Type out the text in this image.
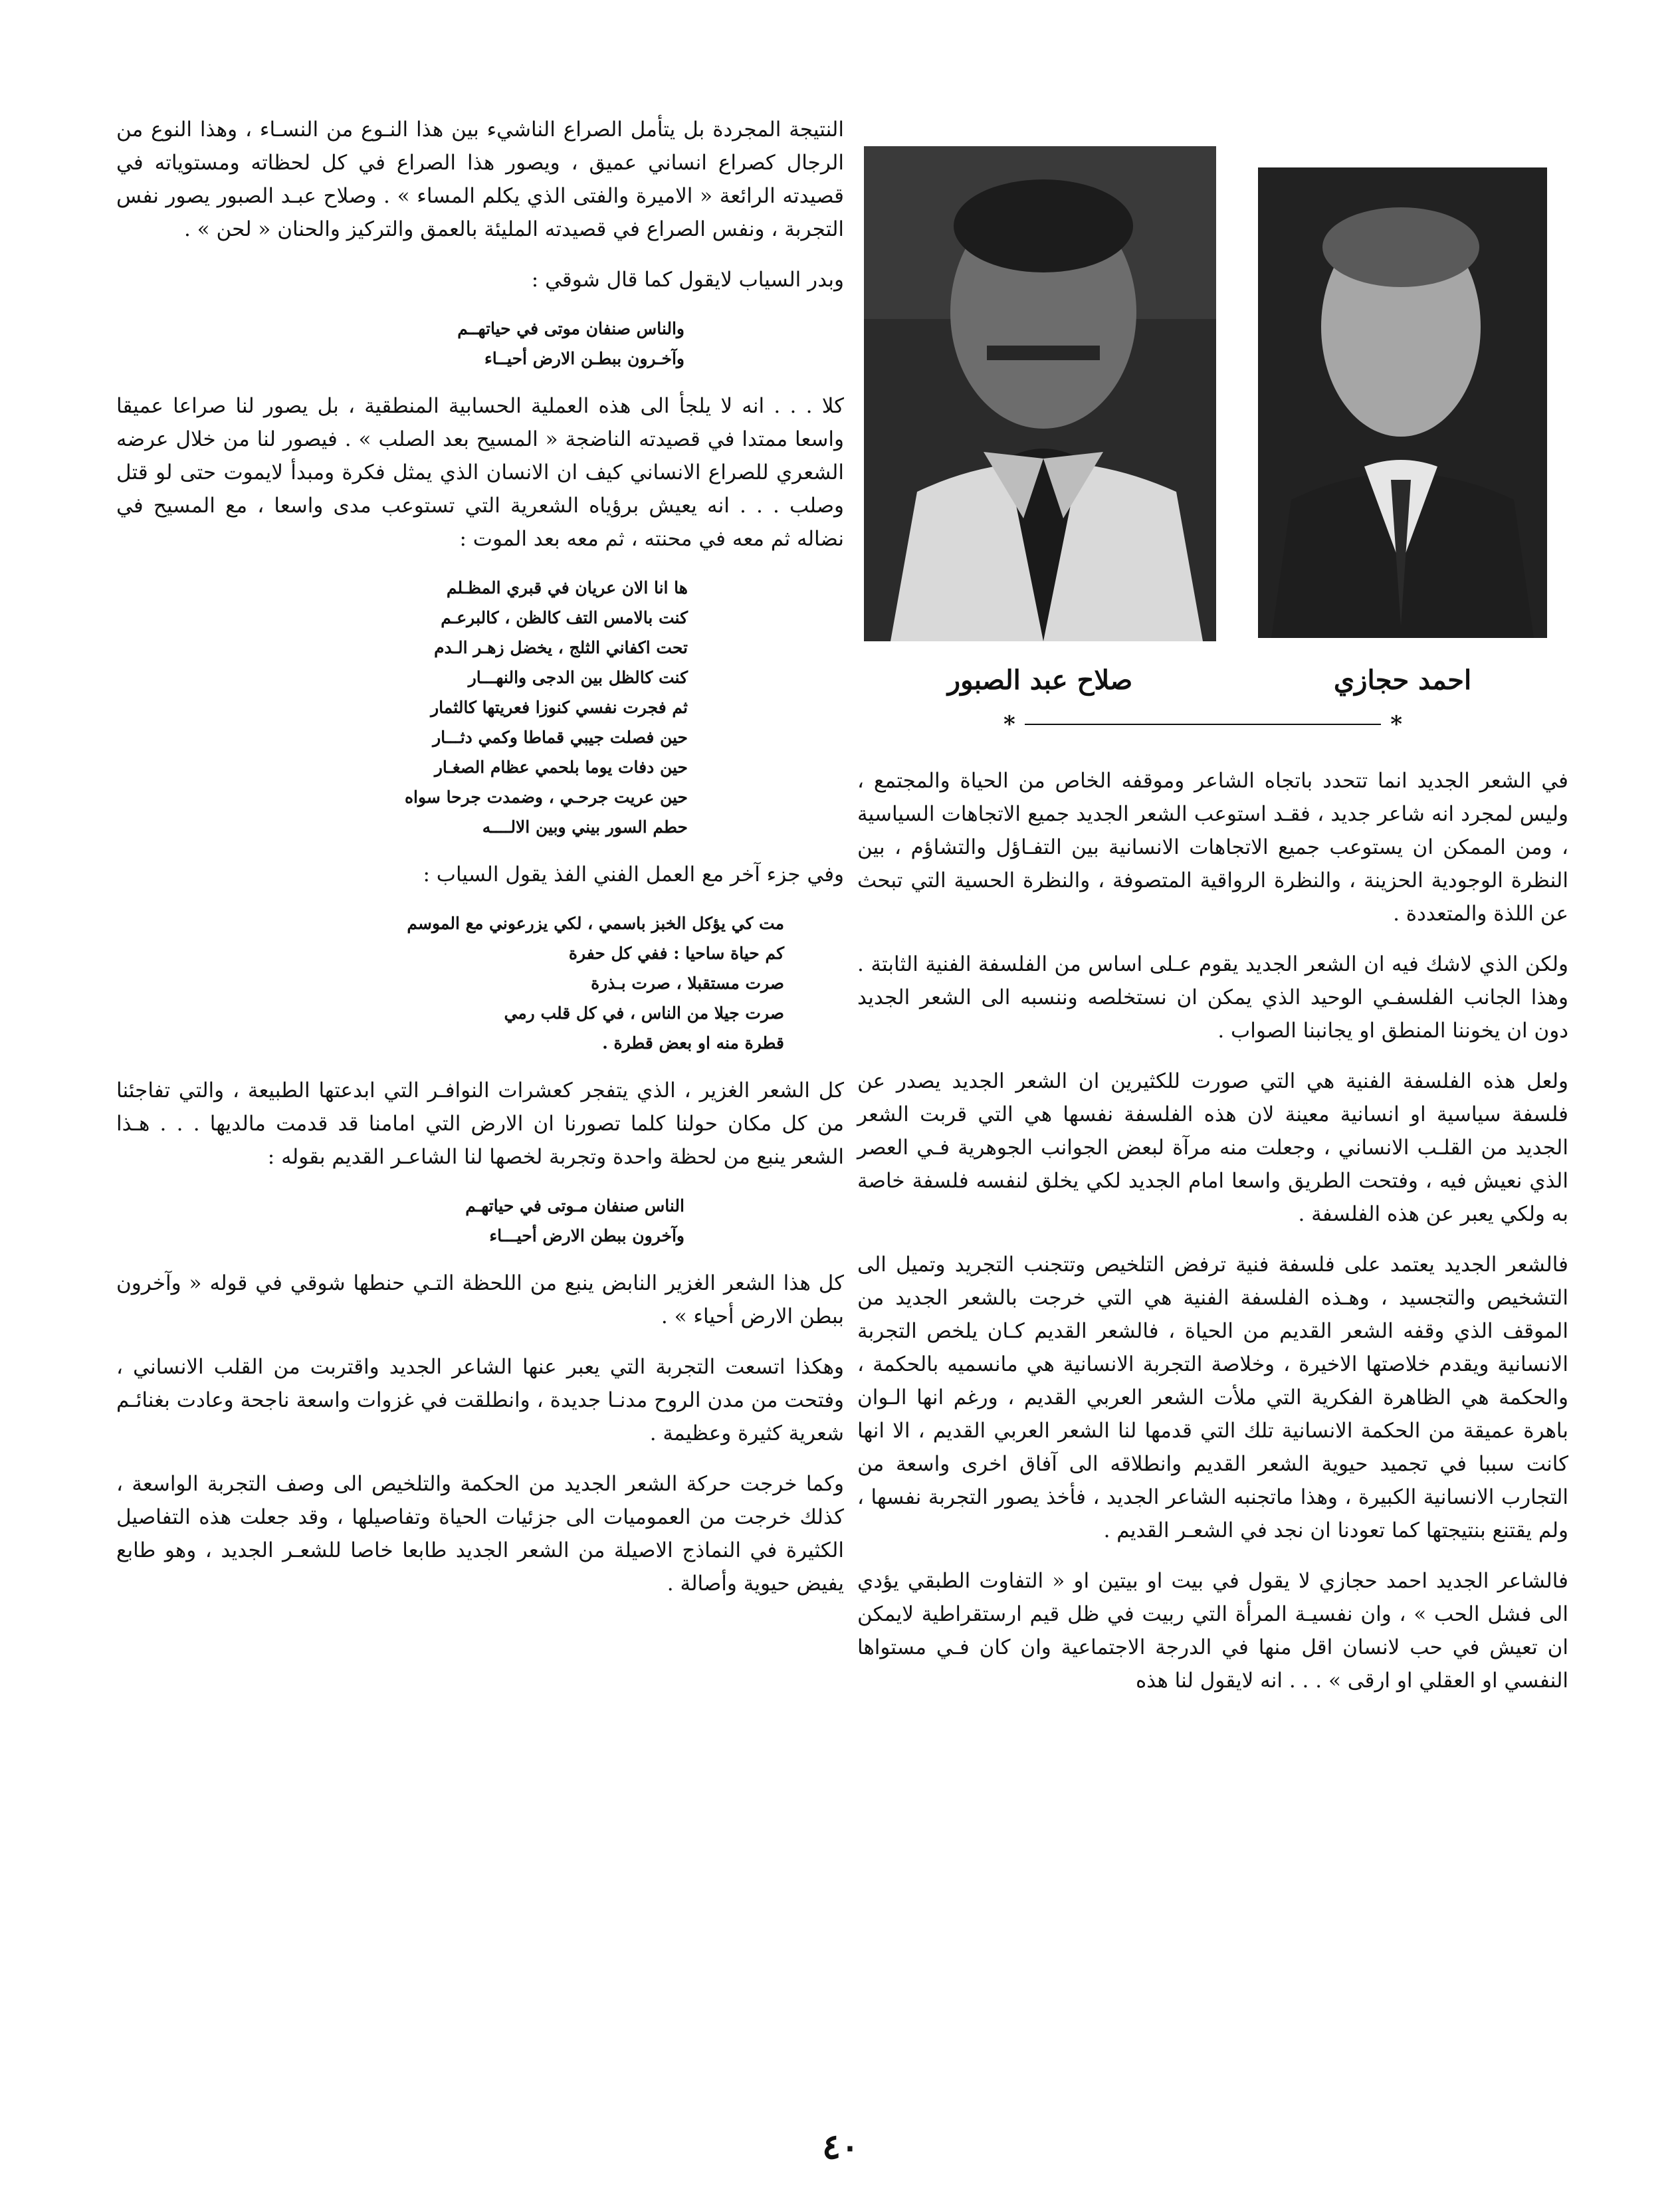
صلاح عبد الصبور	احمد حجازي
*	*

النتيجة المجردة بل يتأمل الصراع الناشيء بين هذا النـوع من النسـاء ، وهذا النوع من الرجال كصراع انساني عميق ، ويصور هذا الصراع في كل لحظاته ومستوياته في قصيدته الرائعة « الاميرة والفتى الذي يكلم المساء » . وصلاح عبـد الصبور يصور نفس التجربة ، ونفس الصراع في قصيدته المليئة بالعمق والتركيز والحنان « لحن » .

وبدر السياب لايقول كما قال شوقي :

والناس صنفان موتى في حياتهــم
وآخـرون ببطـن الارض أحيــاء

كلا . . . انه لا يلجأ الى هذه العملية الحسابية المنطقية ، بل يصور لنا صراعا عميقا واسعا ممتدا في قصيدته الناضجة « المسيح بعد الصلب » . فيصور لنا من خلال عرضه الشعري للصراع الانساني كيف ان الانسان الذي يمثل فكرة ومبدأ لايموت حتى لو قتل وصلب . . . انه يعيش برؤياه الشعرية التي تستوعب مدى واسعا ، مع المسيح في نضاله ثم معه في محنته ، ثم معه بعد الموت :

ها انا الان عريان في قبري المظـلم
كنت بالامس التف كالظن ، كالبرعـم
تحت اكفاني الثلج ، يخضل زهـر الـدم
كنت كالظل بين الدجى والنهـــار
ثم فجرت نفسي كنوزا فعريتها كالثمار
حين فصلت جيبي قماطا وكمي دثـــار
حين دفات يوما بلحمي عظام الصغـار
حين عريت جرحـي ، وضمدت جرحا سواه
حطم السور بيني وبين الالــــه

وفي جزء آخر مع العمل الفني الفذ يقول السياب :

مت كي يؤكل الخبز باسمي ، لكي يزرعوني مع الموسم
كم حياة ساحيا : ففي كل حفرة
صرت مستقبلا ، صرت بـذرة
صرت جيلا من الناس ، في كل قلب رمي
قطرة منه او بعض قطرة .

كل الشعر الغزير ، الذي يتفجر كعشرات النوافـر التي ابدعتها الطبيعة ، والتي تفاجئنا من كل مكان حولنا كلما تصورنا ان الارض التي امامنا قد قدمت مالديها . . . هـذا الشعر ينبع من لحظة واحدة وتجربة لخصها لنا الشاعـر القديم بقوله :

الناس صنفان مـوتى في حياتهـم
وآخرون ببطن الارض أحيـــاء

كل هذا الشعر الغزير النابض ينبع من اللحظة التـي حنطها شوقي في قوله « وآخرون ببطن الارض أحياء » .

وهكذا اتسعت التجربة التي يعبر عنها الشاعر الجديد واقتربت من القلب الانساني ، وفتحت من مدن الروح مدنـا جديدة ، وانطلقت في غزوات واسعة ناجحة وعادت بغنائـم شعرية كثيرة وعظيمة .

وكما خرجت حركة الشعر الجديد من الحكمة والتلخيص الى وصف التجربة الواسعة ، كذلك خرجت من العموميات الى جزئيات الحياة وتفاصيلها ، وقد جعلت هذه التفاصيل الكثيرة في النماذج الاصيلة من الشعر الجديد طابعا خاصا للشعـر الجديد ، وهو طابع يفيض حيوية وأصالة .

في الشعر الجديد انما تتحدد باتجاه الشاعر وموقفه الخاص من الحياة والمجتمع ، وليس لمجرد انه شاعر جديد ، فقـد استوعب الشعر الجديد جميع الاتجاهات السياسية ، ومن الممكن ان يستوعب جميع الاتجاهات الانسانية بين التفـاؤل والتشاؤم ، بين النظرة الوجودية الحزينة ، والنظرة الرواقية المتصوفة ، والنظرة الحسية التي تبحث عن اللذة والمتعددة .

ولكن الذي لاشك فيه ان الشعر الجديد يقوم عـلى اساس من الفلسفة الفنية الثابتة . وهذا الجانب الفلسفـي الوحيد الذي يمكن ان نستخلصه وننسبه الى الشعر الجديد دون ان يخوننا المنطق او يجانبنا الصواب .

ولعل هذه الفلسفة الفنية هي التي صورت للكثيرين ان الشعر الجديد يصدر عن فلسفة سياسية او انسانية معينة لان هذه الفلسفة نفسها هي التي قربت الشعر الجديد من القلـب الانساني ، وجعلت منه مرآة لبعض الجوانب الجوهرية فـي العصر الذي نعيش فيه ، وفتحت الطريق واسعا امام الجديد لكي يخلق لنفسه فلسفة خاصة به ولكي يعبر عن هذه الفلسفة .

فالشعر الجديد يعتمد على فلسفة فنية ترفض التلخيص وتتجنب التجريد وتميل الى التشخيص والتجسيد ، وهـذه الفلسفة الفنية هي التي خرجت بالشعر الجديد من الموقف الذي وقفه الشعر القديم من الحياة ، فالشعر القديم كـان يلخص التجربة الانسانية ويقدم خلاصتها الاخيرة ، وخلاصة التجربة الانسانية هي مانسميه بالحكمة ، والحكمة هي الظاهرة الفكرية التي ملأت الشعر العربي القديم ، ورغم انها الـوان باهرة عميقة من الحكمة الانسانية تلك التي قدمها لنا الشعر العربي القديم ، الا انها كانت سببا في تجميد حيوية الشعر القديم وانطلاقه الى آفاق اخرى واسعة من التجارب الانسانية الكبيرة ، وهذا ماتجنبه الشاعر الجديد ، فأخذ يصور التجربة نفسها ، ولم يقتنع بنتيجتها كما تعودنا ان نجد في الشعـر القديم .

فالشاعر الجديد احمد حجازي لا يقول في بيت او بيتين او « التفاوت الطبقي يؤدي الى فشل الحب » ، وان نفسيـة المرأة التي ربيت في ظل قيم ارستقراطية لايمكن ان تعيش في حب لانسان اقل منها في الدرجة الاجتماعية وان كان فـي مستواها النفسي او العقلي او ارقى » . . . انه لايقول لنا هذه

٤٠
